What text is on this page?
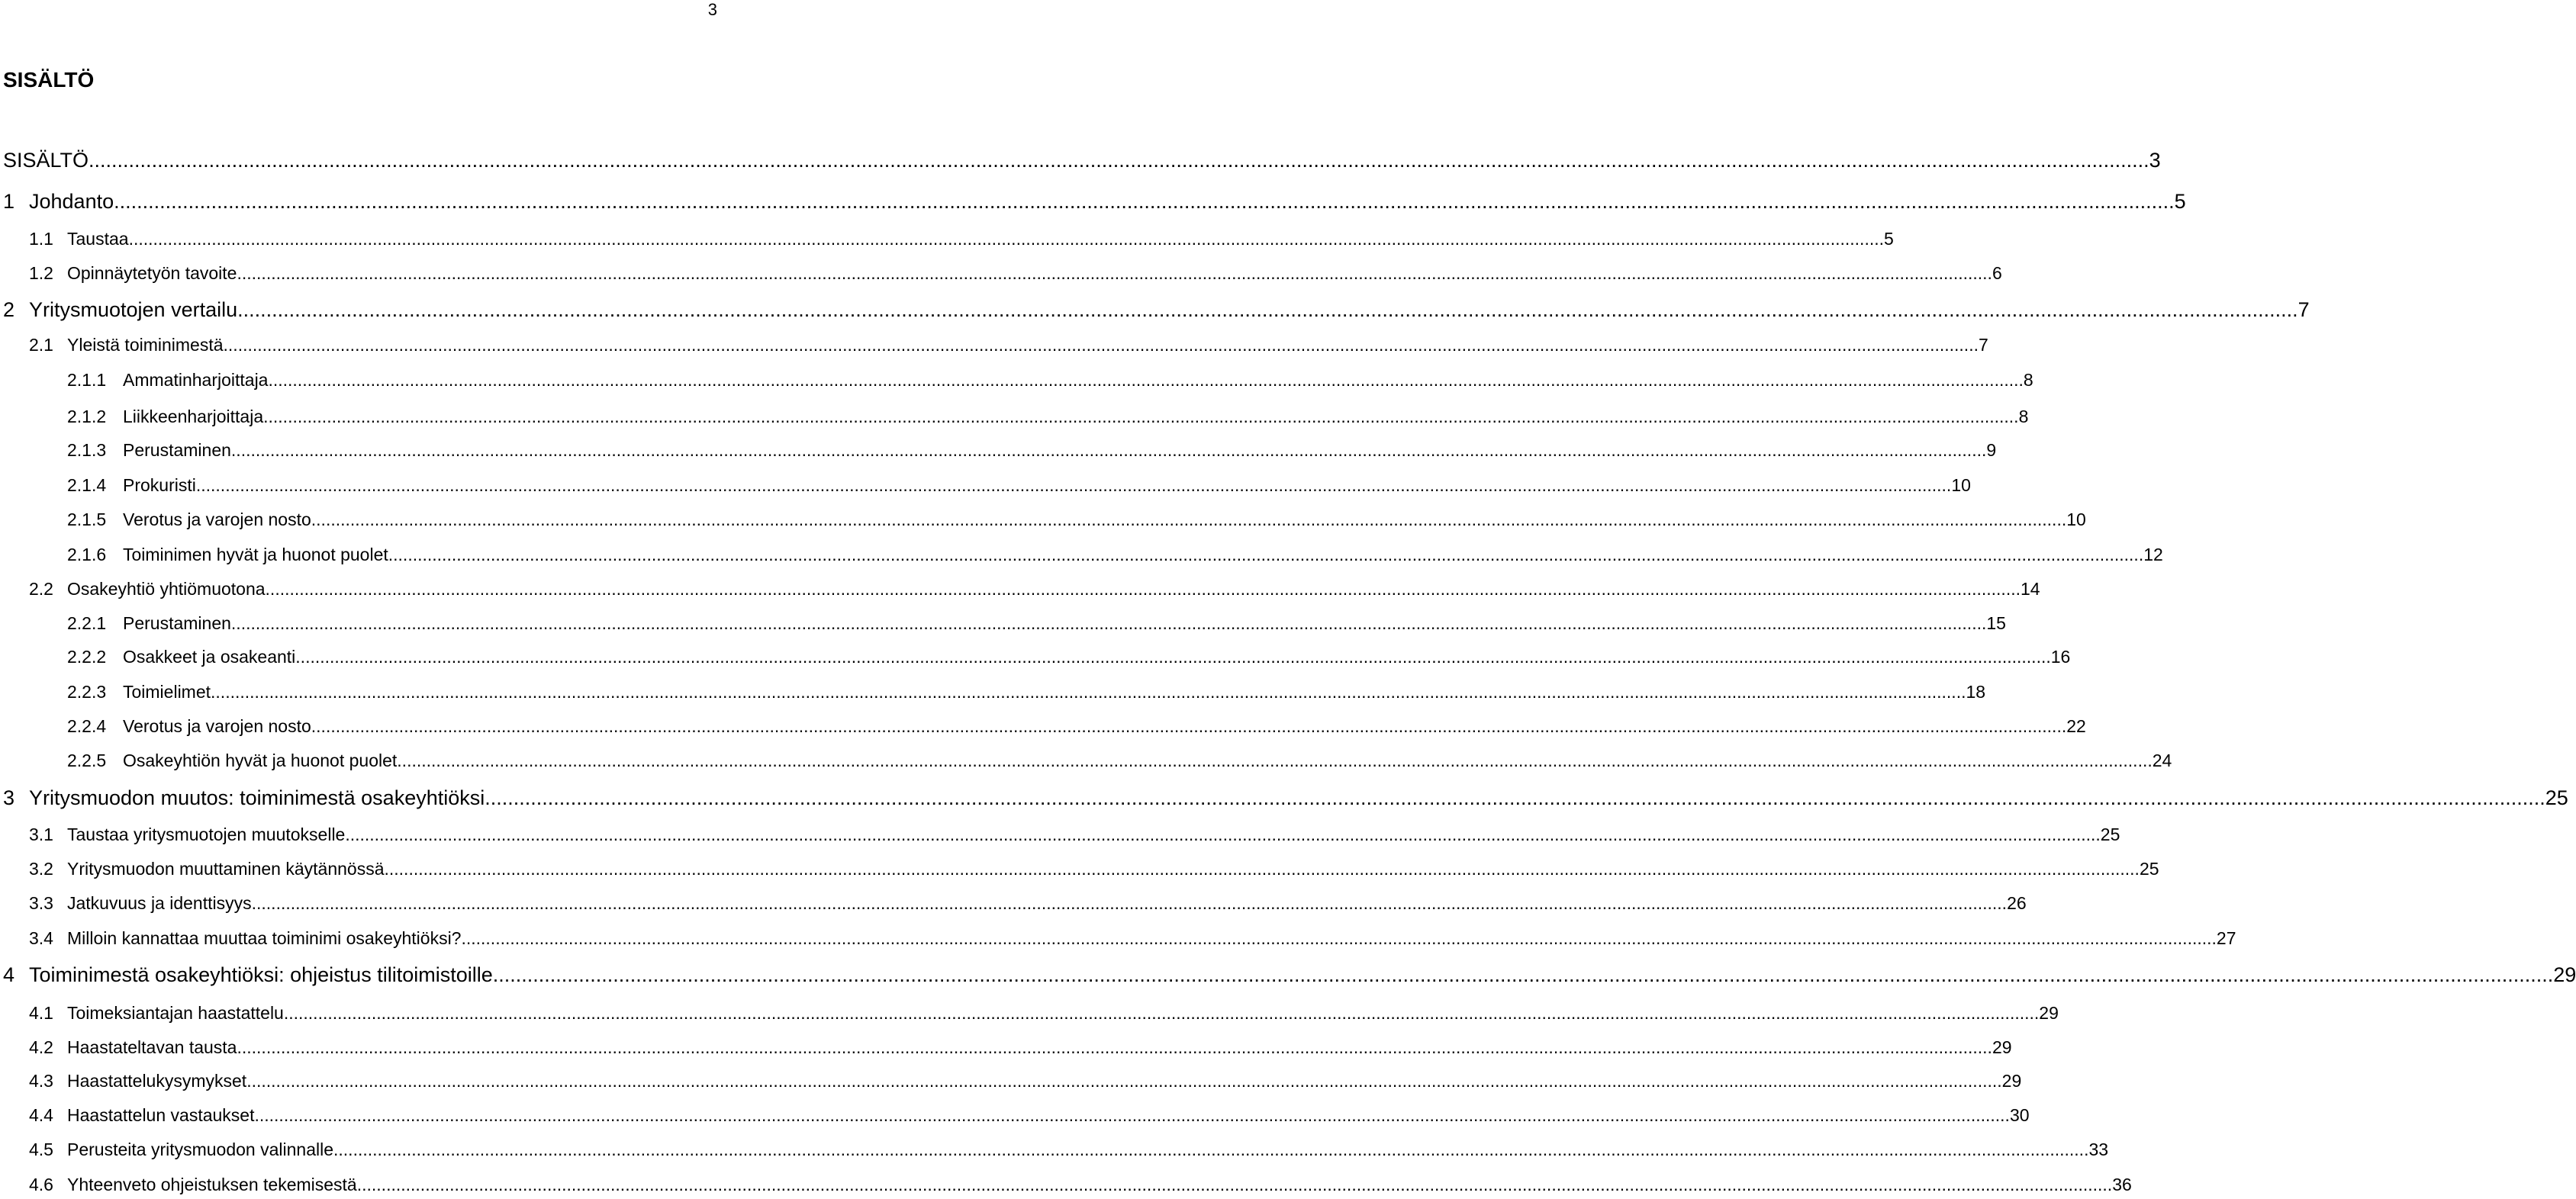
3
SISÄLTÖ
SISÄLTÖ ........................................................................................................................................................................................................................................................................................................................................................................ 3
1 Johdanto ........................................................................................................................................................................................................................................................................................................................................................................ 5
1.1 Taustaa ........................................................................................................................................................................................................................................................................................................................................................................ 5
1.2 Opinnäytetyön tavoite ........................................................................................................................................................................................................................................................................................................................................................................ 6
2 Yritysmuotojen vertailu ........................................................................................................................................................................................................................................................................................................................................................................ 7
2.1 Yleistä toiminimestä ........................................................................................................................................................................................................................................................................................................................................................................ 7
2.1.1 Ammatinharjoittaja ........................................................................................................................................................................................................................................................................................................................................................................ 8
2.1.2 Liikkeenharjoittaja ........................................................................................................................................................................................................................................................................................................................................................................ 8
2.1.3 Perustaminen ........................................................................................................................................................................................................................................................................................................................................................................ 9
2.1.4 Prokuristi ........................................................................................................................................................................................................................................................................................................................................................................ 10
2.1.5 Verotus ja varojen nosto ........................................................................................................................................................................................................................................................................................................................................................................ 10
2.1.6 Toiminimen hyvät ja huonot puolet ........................................................................................................................................................................................................................................................................................................................................................................ 12
2.2 Osakeyhtiö yhtiömuotona ........................................................................................................................................................................................................................................................................................................................................................................ 14
2.2.1 Perustaminen ........................................................................................................................................................................................................................................................................................................................................................................ 15
2.2.2 Osakkeet ja osakeanti ........................................................................................................................................................................................................................................................................................................................................................................ 16
2.2.3 Toimielimet ........................................................................................................................................................................................................................................................................................................................................................................ 18
2.2.4 Verotus ja varojen nosto ........................................................................................................................................................................................................................................................................................................................................................................ 22
2.2.5 Osakeyhtiön hyvät ja huonot puolet ........................................................................................................................................................................................................................................................................................................................................................................ 24
3 Yritysmuodon muutos: toiminimestä osakeyhtiöksi ........................................................................................................................................................................................................................................................................................................................................................................ 25
3.1 Taustaa yritysmuotojen muutokselle ........................................................................................................................................................................................................................................................................................................................................................................ 25
3.2 Yritysmuodon muuttaminen käytännössä ........................................................................................................................................................................................................................................................................................................................................................................ 25
3.3 Jatkuvuus ja identtisyys ........................................................................................................................................................................................................................................................................................................................................................................ 26
3.4 Milloin kannattaa muuttaa toiminimi osakeyhtiöksi? ........................................................................................................................................................................................................................................................................................................................................................................ 27
4 Toiminimestä osakeyhtiöksi: ohjeistus tilitoimistoille ........................................................................................................................................................................................................................................................................................................................................................................ 29
4.1 Toimeksiantajan haastattelu ........................................................................................................................................................................................................................................................................................................................................................................ 29
4.2 Haastateltavan tausta ........................................................................................................................................................................................................................................................................................................................................................................ 29
4.3 Haastattelukysymykset ........................................................................................................................................................................................................................................................................................................................................................................ 29
4.4 Haastattelun vastaukset ........................................................................................................................................................................................................................................................................................................................................................................ 30
4.5 Perusteita yritysmuodon valinnalle ........................................................................................................................................................................................................................................................................................................................................................................ 33
4.6 Yhteenveto ohjeistuksen tekemisestä ........................................................................................................................................................................................................................................................................................................................................................................ 36
